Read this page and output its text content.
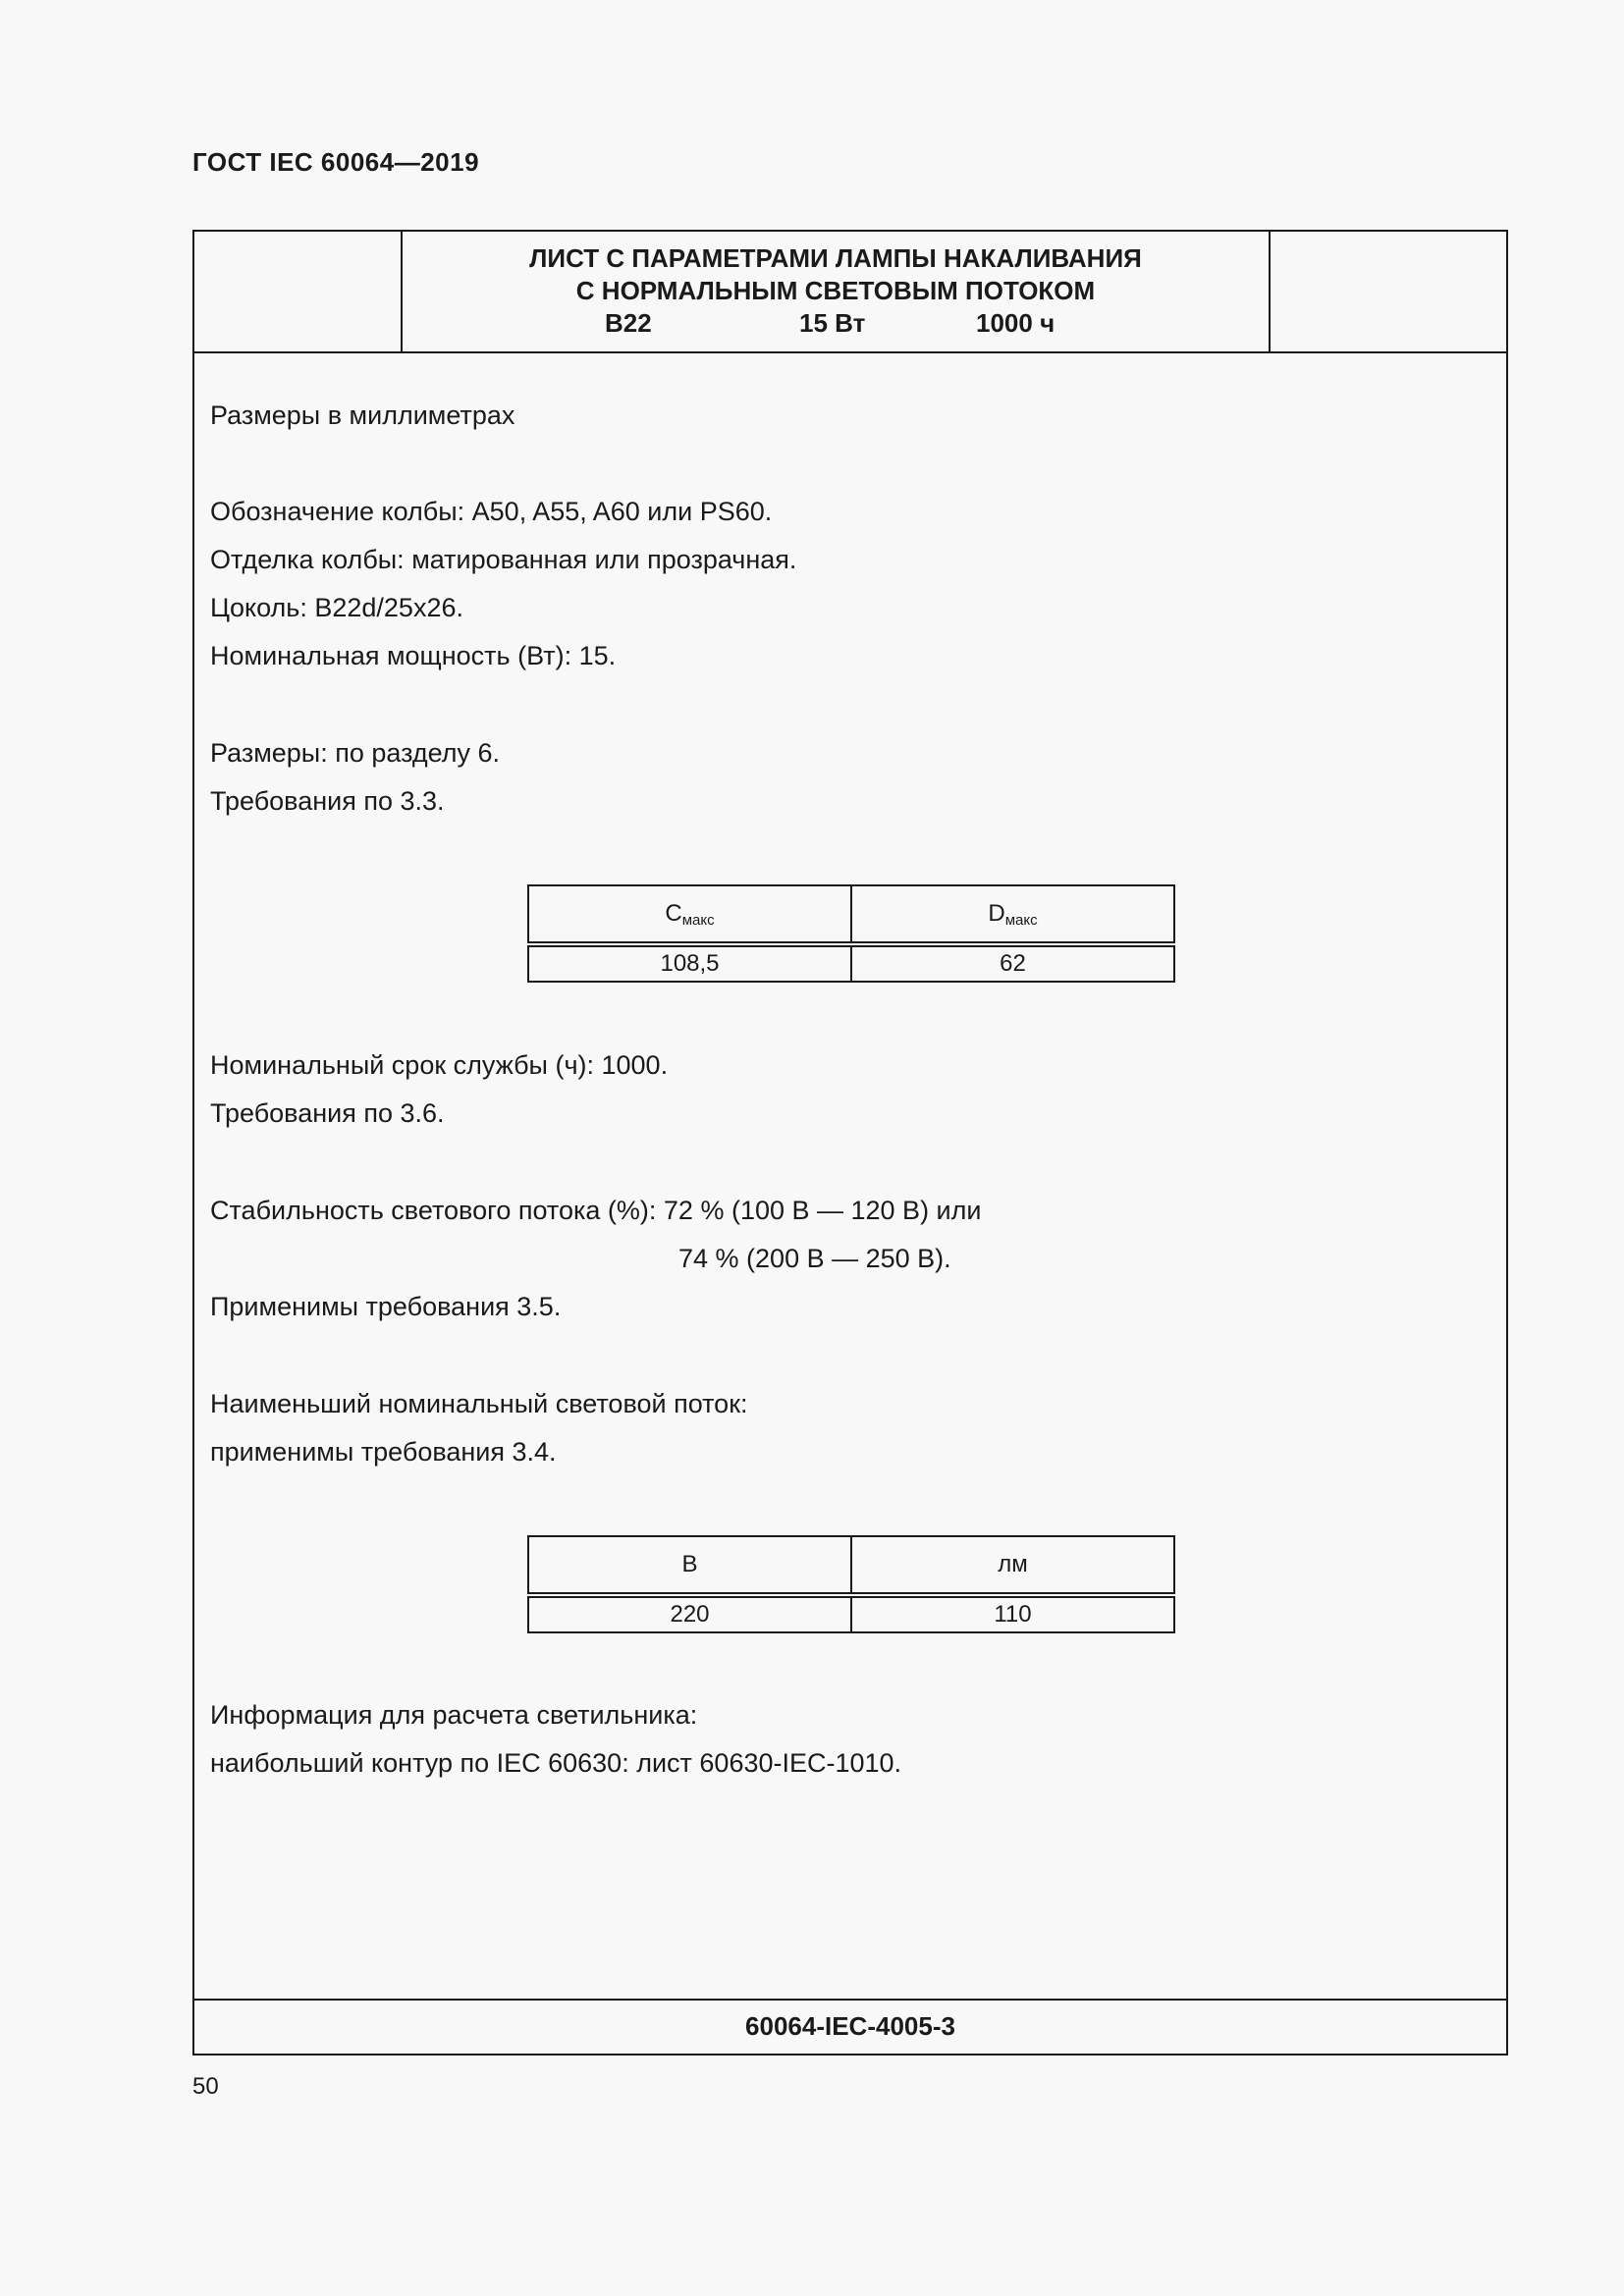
ГОСТ IEC 60064—2019
ЛИСТ С ПАРАМЕТРАМИ ЛАМПЫ НАКАЛИВАНИЯ
С НОРМАЛЬНЫМ СВЕТОВЫМ ПОТОКОМ
B22	15 Вт	1000 ч
Размеры в миллиметрах
Обозначение колбы: A50, A55, A60 или PS60.
Отделка колбы: матированная или прозрачная.
Цоколь: B22d/25x26.
Номинальная мощность (Вт): 15.
Размеры: по разделу 6.
Требования по 3.3.
$C_{макс}$	$D_{макс}$
108,5	62
Номинальный срок службы (ч): 1000.
Требования по 3.6.
Стабильность светового потока (%): 72 % (100 В — 120 В) или
74 % (200 В — 250 В).
Применимы требования 3.5.
Наименьший номинальный световой поток:
применимы требования 3.4.
В	лм
220	110
Информация для расчета светильника:
наибольший контур по IEC 60630: лист 60630-IEC-1010.
60064-IEC-4005-3
50
